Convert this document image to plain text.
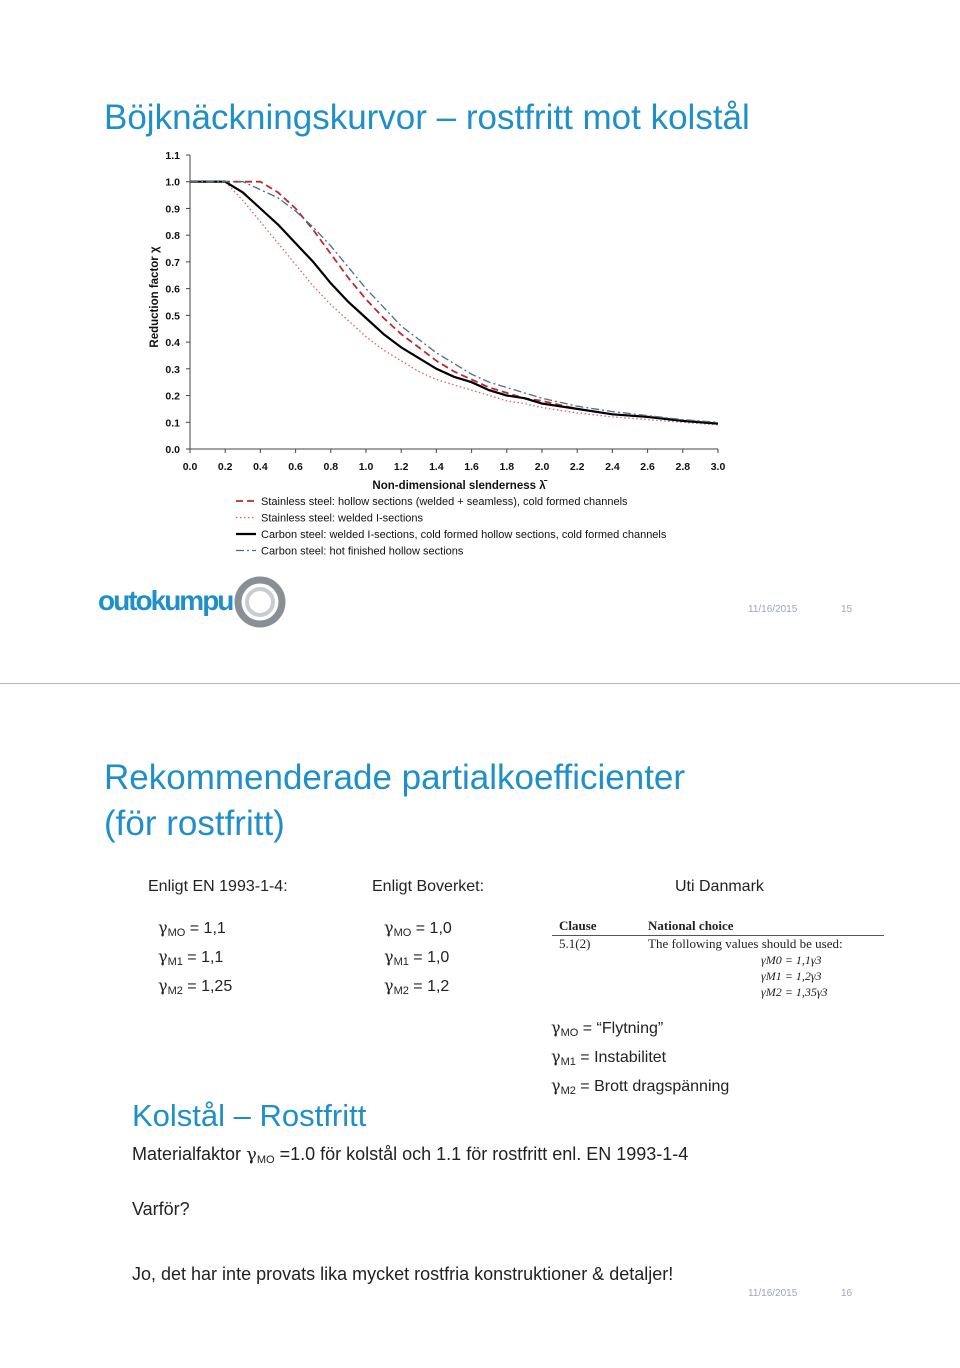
Böjknäckningskurvor – rostfritt mot kolstål
0.0
0.1
0.2
0.3
0.4
0.5
0.6
0.7
0.8
0.9
1.0
1.1
0.0 0.2 0.4 0.6 0.8 1.0 1.2 1.4 1.6 1.8 2.0 2.2 2.4 2.6 2.8 3.0
Non-dimensional slenderness λ̄
Reduction factor χ
Stainless steel: hollow sections (welded + seamless), cold formed channels
Stainless steel: welded I-sections
Carbon steel: welded I-sections, cold formed hollow sections, cold formed channels
Carbon steel: hot finished hollow sections
outokumpu	11/16/2015	15
Rekommenderade partialkoefficienter
(för rostfritt)
Enligt EN 1993-1-4:
$\gamma_{MO} = 1,1$
$\gamma_{M1} = 1,1$
$\gamma_{M2} = 1,25$
Enligt Boverket:
$\gamma_{MO} = 1,0$
$\gamma_{M1} = 1,0$
$\gamma_{M2} = 1,2$
Uti Danmark
Clause	National choice
5.1(2)	The following values should be used:
γM0 = 1,1γ3
γM1 = 1,2γ3
γM2 = 1,35γ3
$\gamma_{MO}$ = “Flytning”
$\gamma_{M1}$ = Instabilitet
$\gamma_{M2}$ = Brott dragspänning
Kolstål – Rostfritt
Materialfaktor $\gamma_{MO} =1.0$ för kolstål och 1.1 för rostfritt enl. EN 1993-1-4
Varför?
Jo, det har inte provats lika mycket rostfria konstruktioner & detaljer!
11/16/2015	16
